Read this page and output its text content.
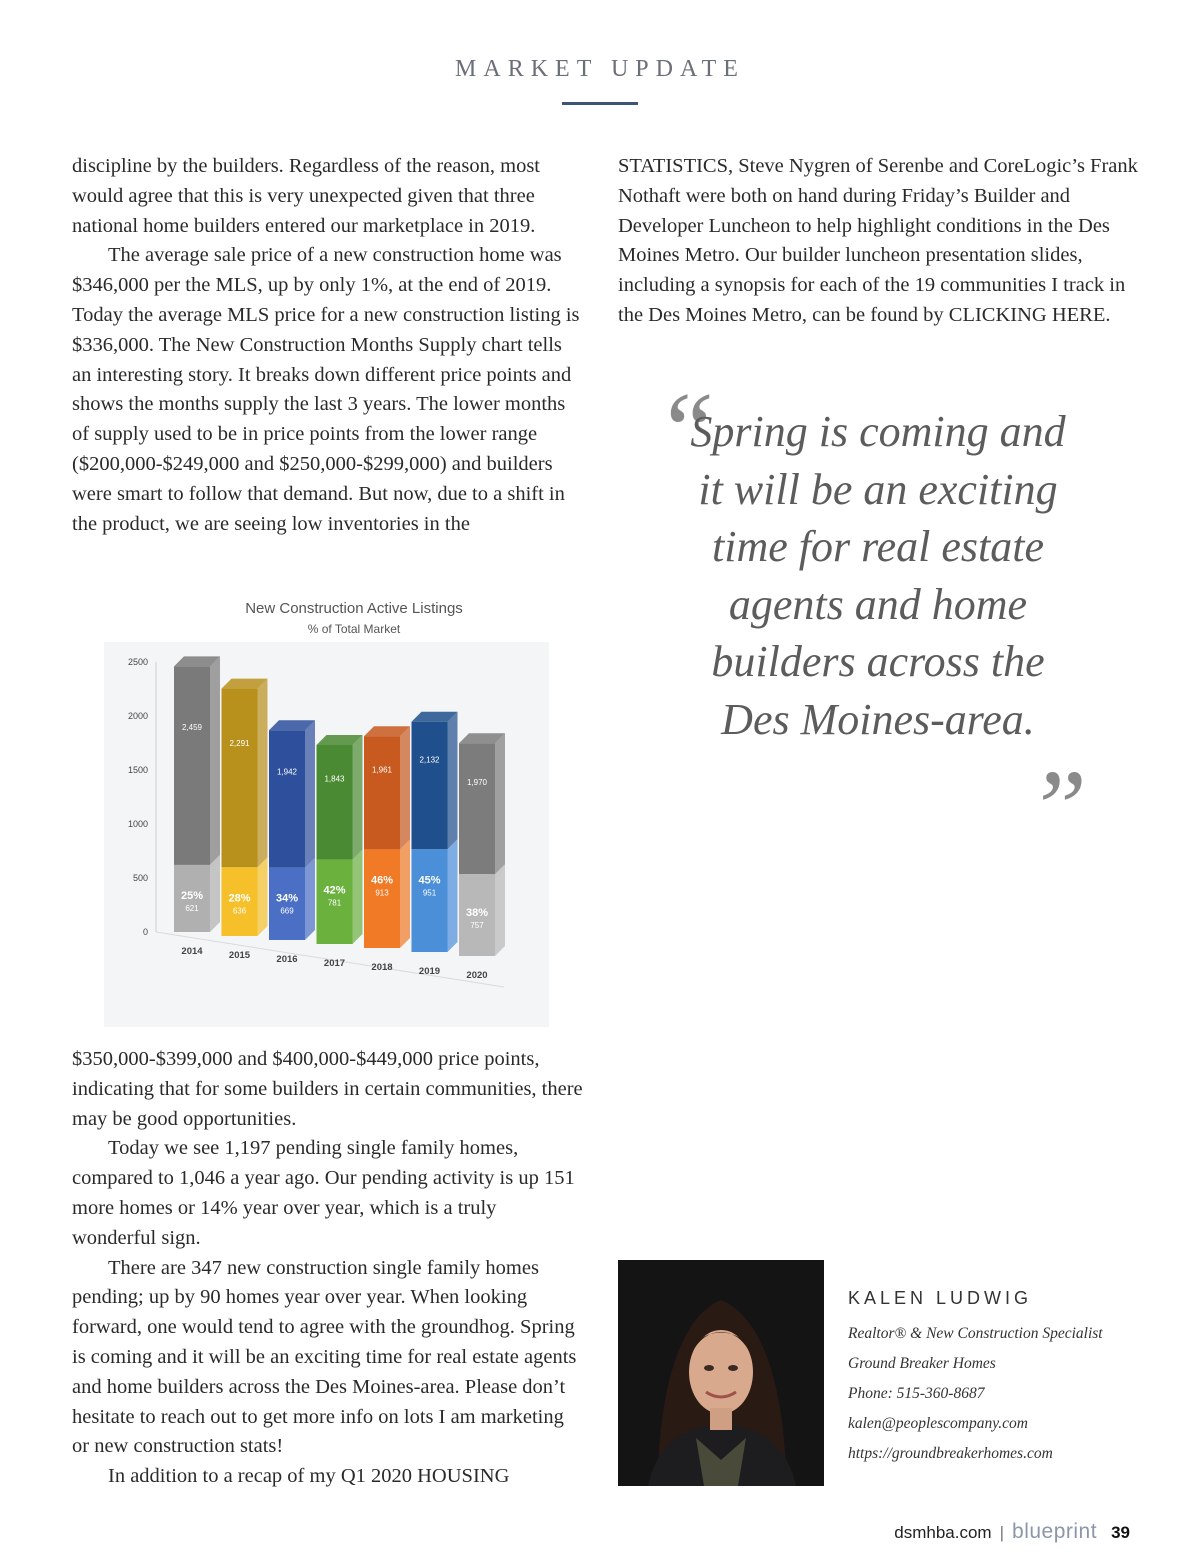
MARKET UPDATE

discipline by the builders. Regardless of the reason, most would agree that this is very unexpected given that three national home builders entered our marketplace in 2019.

The average sale price of a new construction home was $346,000 per the MLS, up by only 1%, at the end of 2019. Today the average MLS price for a new construction listing is $336,000. The New Construction Months Supply chart tells an interesting story. It breaks down different price points and shows the months supply the last 3 years. The lower months of supply used to be in price points from the lower range ($200,000-$249,000 and $250,000-$299,000) and builders were smart to follow that demand. But now, due to a shift in the product, we are seeing low inventories in the

New Construction Active Listings
% of Total Market
0
500
1000
1500
2000
2500
2,459
25%
621
2014
2,291
28%
636
2015
1,942
34%
669
2016
1,843
42%
781
2017
1,961
46%
913
2018
2,132
45%
951
2019
1,970
38%
757
2020

$350,000-$399,000 and $400,000-$449,000 price points, indicating that for some builders in certain communities, there may be good opportunities.

Today we see 1,197 pending single family homes, compared to 1,046 a year ago. Our pending activity is up 151 more homes or 14% year over year, which is a truly wonderful sign.

There are 347 new construction single family homes pending; up by 90 homes year over year. When looking forward, one would tend to agree with the groundhog. Spring is coming and it will be an exciting time for real estate agents and home builders across the Des Moines-area. Please don’t hesitate to reach out to get more info on lots I am marketing or new construction stats!

In addition to a recap of my Q1 2020 HOUSING

STATISTICS, Steve Nygren of Serenbe and CoreLogic’s Frank Nothaft were both on hand during Friday’s Builder and Developer Luncheon to help highlight conditions in the Des Moines Metro. Our builder luncheon presentation slides, including a synopsis for each of the 19 communities I track in the Des Moines Metro, can be found by CLICKING HERE.

“
Spring is coming and it will be an exciting time for real estate agents and home builders across the Des Moines-area.
”
KALEN LUDWIG
Realtor® & New Construction Specialist
Ground Breaker Homes
Phone: 515-360-8687
kalen@peoplescompany.com
https://groundbreakerhomes.com
dsmhba.com | blueprint 39
